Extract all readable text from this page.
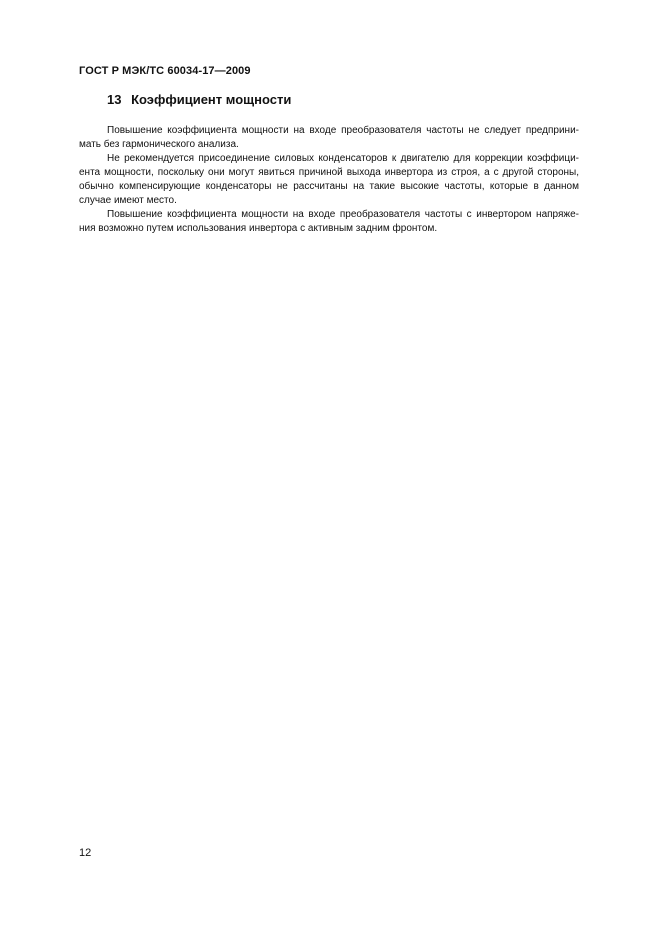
ГОСТ Р МЭК/ТС 60034-17—2009
13 Коэффициент мощности

Повышение коэффициента мощности на входе преобразователя частоты не следует предприни-мать без гармонического анализа.

Не рекомендуется присоединение силовых конденсаторов к двигателю для коррекции коэффици-ента мощности, поскольку они могут явиться причиной выхода инвертора из строя, а с другой стороны, обычно компенсирующие конденсаторы не рассчитаны на такие высокие частоты, которые в данном случае имеют место.

Повышение коэффициента мощности на входе преобразователя частоты с инвертором напряже-ния возможно путем использования инвертора с активным задним фронтом.

12
